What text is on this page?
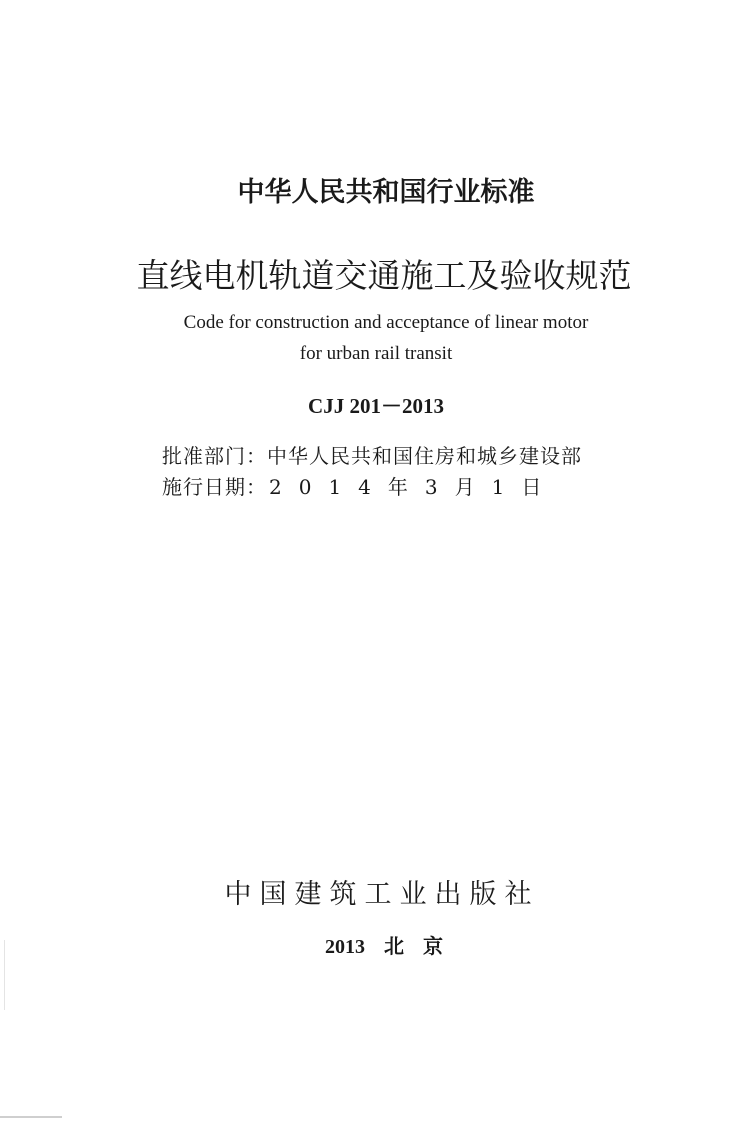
中华人民共和国行业标准
直线电机轨道交通施工及验收规范
Code for construction and acceptance of linear motor
for urban rail transit
CJJ 201－2013
批准部门：中华人民共和国住房和城乡建设部
施行日期： 2014年3月1日
中国建筑工业出版社
2013 北 京
